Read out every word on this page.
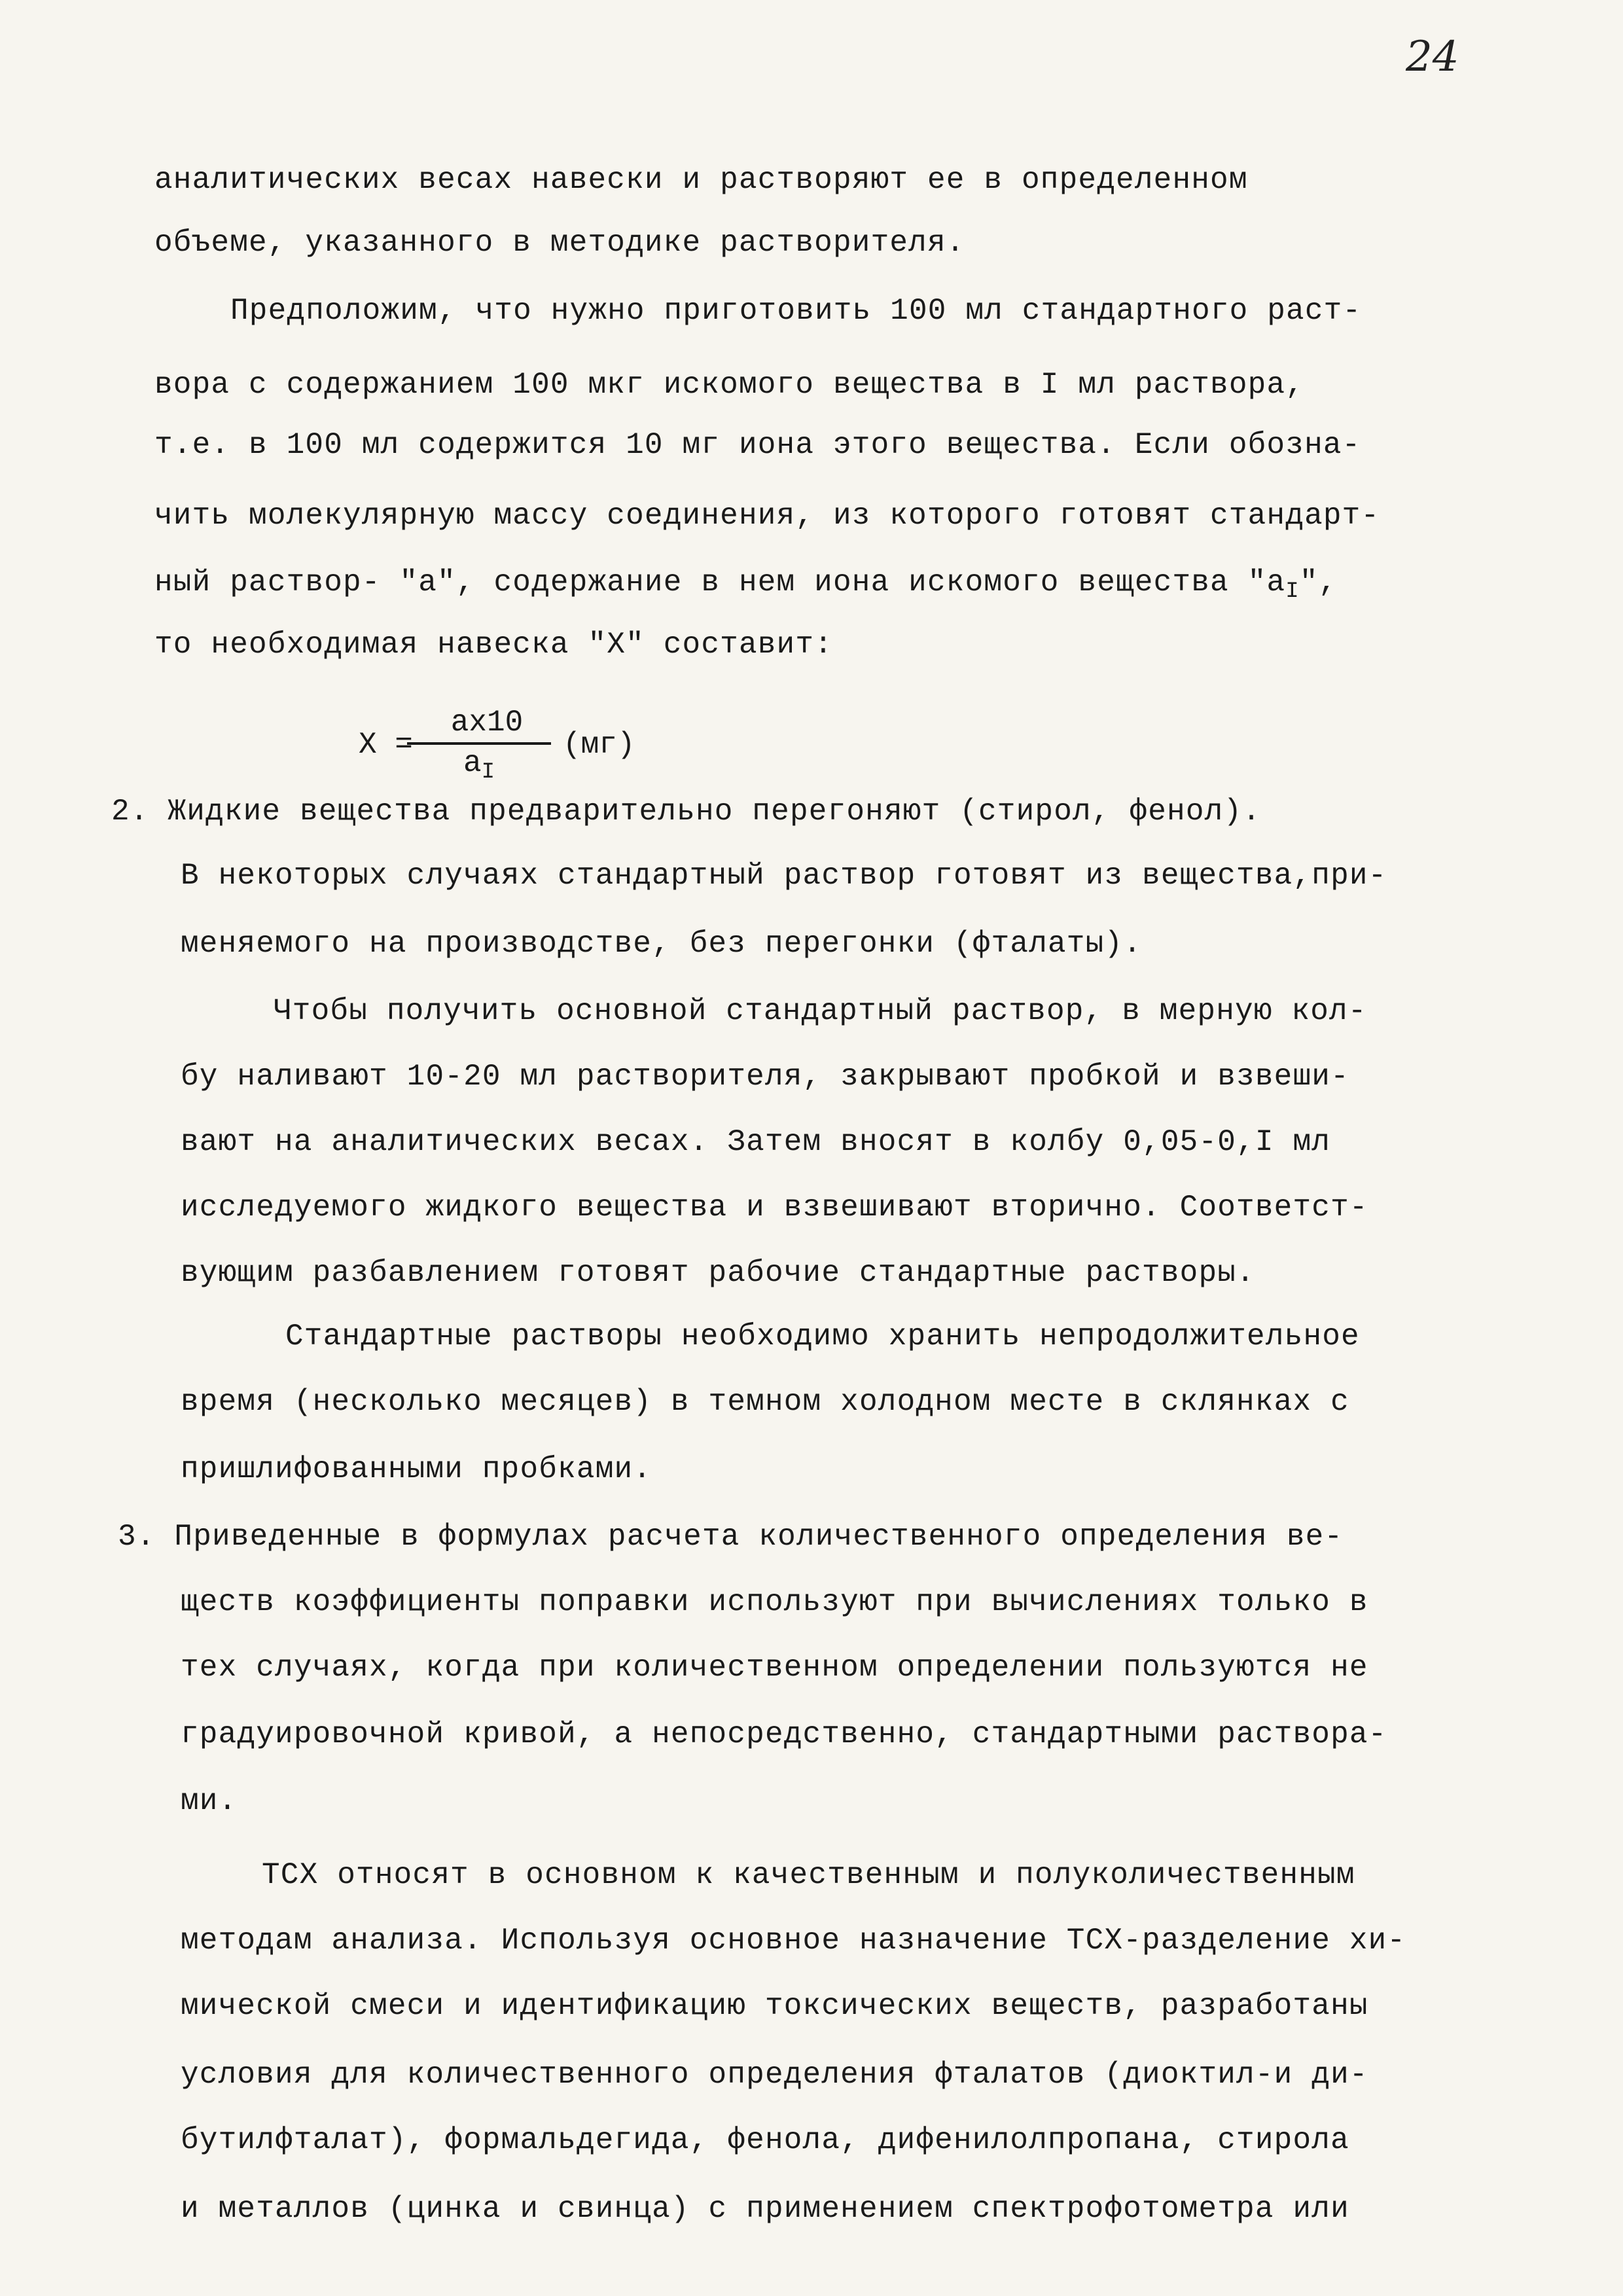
24
аналитических весах навески и растворяют ее в определенном
объеме, указанного в методике растворителя.
Предположим, что нужно приготовить 100 мл стандартного раст-
вора с содержанием 100 мкг искомого вещества в I мл раствора,
т.е. в 100 мл содержится 10 мг иона этого вещества. Если обозна-
чить молекулярную массу соединения, из которого готовят стандарт-
ный раствор- "а", содержание в нем иона искомого вещества "$а_I$",
то необходимая навеска "Х" составит:
Х =
ах10
$а_I$
(мг)
2. Жидкие вещества предварительно перегоняют (стирол, фенол).
В некоторых случаях стандартный раствор готовят из вещества,при-
меняемого на производстве, без перегонки (фталаты).
Чтобы получить основной стандартный раствор, в мерную кол-
бу наливают 10-20 мл растворителя, закрывают пробкой и взвеши-
вают на аналитических весах. Затем вносят в колбу 0,05-0,I мл
исследуемого жидкого вещества и взвешивают вторично. Соответст-
вующим разбавлением готовят рабочие стандартные растворы.
Стандартные растворы необходимо хранить непродолжительное
время (несколько месяцев) в темном холодном месте в склянках с
пришлифованными пробками.
3. Приведенные в формулах расчета количественного определения ве-
ществ коэффициенты поправки используют при вычислениях только в
тех случаях, когда при количественном определении пользуются не
градуировочной кривой, а непосредственно, стандартными раствора-
ми.
ТСХ относят в основном к качественным и полуколичественным
методам анализа. Используя основное назначение ТСХ-разделение хи-
мической смеси и идентификацию токсических веществ, разработаны
условия для количественного определения фталатов (диоктил-и ди-
бутилфталат), формальдегида, фенола, дифенилолпропана, стирола
и металлов (цинка и свинца) с применением спектрофотометра или
